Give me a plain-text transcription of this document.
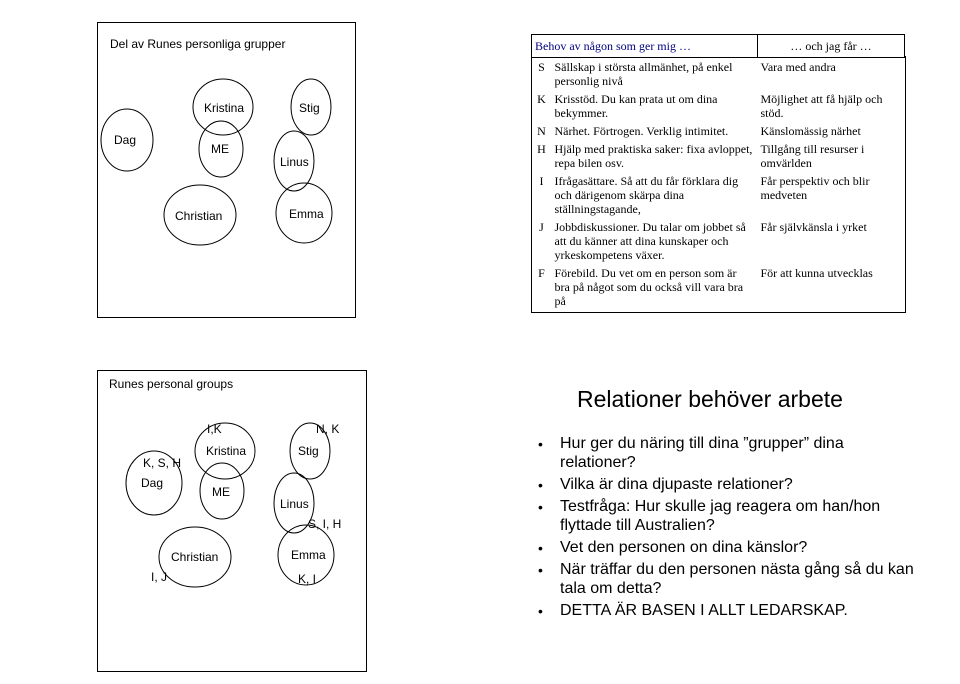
Del av Runes personliga grupper
Dag
Kristina	Stig
ME
Linus
Christian	Emma
Behov av någon som ger mig …		… och jag får …
S	Sällskap i största allmänhet, på enkel personlig nivå	Vara med andra
K	Krisstöd. Du kan prata ut om dina bekymmer.	Möjlighet att få hjälp och stöd.
N	Närhet. Förtrogen. Verklig intimitet.	Känslomässig närhet
H	Hjälp med praktiska saker: fixa avloppet, repa bilen osv.	Tillgång till resurser i omvärlden
I	Ifrågasättare. Så att du får förklara dig och därigenom skärpa dina ställningstagande,	Får perspektiv och blir medveten
J	Jobbdiskussioner. Du talar om jobbet så att du känner att dina kunskaper och yrkeskompetens växer.	Får självkänsla i yrket
F	Förebild. Du vet om en person som är bra på något som du också vill vara bra på	För att kunna utvecklas
Runes personal groups
Dag
Kristina	Stig
ME
Linus
Christian	Emma
K, S, H
I,K	N, K
S, I, H
I, J	K, I
Relationer behöver arbete
• Hur ger du näring till dina ”grupper” dina relationer?
• Vilka är dina djupaste relationer?
• Testfråga: Hur skulle jag reagera om han/hon flyttade till Australien?
• Vet den personen on dina känslor?
• När träffar du den personen nästa gång så du kan tala om detta?
• DETTA ÄR BASEN I ALLT LEDARSKAP.
